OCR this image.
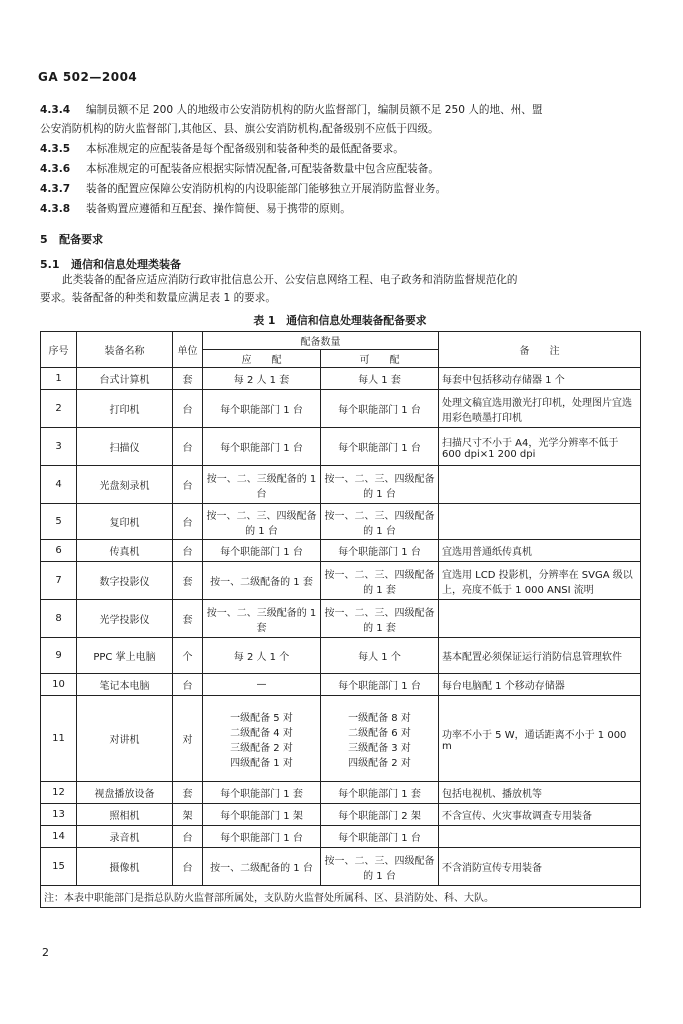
GA 502—2004
4.3.4 编制员额不足 200 人的地级市公安消防机构的防火监督部门，编制员额不足 250 人的地、州、盟
公安消防机构的防火监督部门,其他区、县、旗公安消防机构,配备级别不应低于四级。
4.3.5 本标准规定的应配装备是每个配备级别和装备种类的最低配备要求。
4.3.6 本标准规定的可配装备应根据实际情况配备,可配装备数量中包含应配装备。
4.3.7 装备的配置应保障公安消防机构的内设职能部门能够独立开展消防监督业务。
4.3.8 装备购置应遵循和互配套、操作简便、易于携带的原则。
5 配备要求
5.1 通信和信息处理类装备
此类装备的配备应适应消防行政审批信息公开、公安信息网络工程、电子政务和消防监督规范化的
要求。装备配备的种类和数量应满足表 1 的要求。
表 1　通信和信息处理装备配备要求
序号	装备名称	单位	配备数量		备　　注
			应　　配	可　　配	
1	台式计算机	套	每 2 人 1 套	每人 1 套	每套中包括移动存储器 1 个
2	打印机	台	每个职能部门 1 台	每个职能部门 1 台	处理文稿宜选用激光打印机，处理图片宜选用彩色喷墨打印机
3	扫描仪	台	每个职能部门 1 台	每个职能部门 1 台	扫描尺寸不小于 A4，光学分辨率不低于 600 dpi×1 200 dpi
4	光盘刻录机	台	按一、二、三级配备的 1 台	按一、二、三、四级配备的 1 台	
5	复印机	台	按一、二、三、四级配备的 1 台	按一、二、三、四级配备的 1 台	
6	传真机	台	每个职能部门 1 台	每个职能部门 1 台	宜选用普通纸传真机
7	数字投影仪	套	按一、二级配备的 1 套	按一、二、三、四级配备的 1 套	宜选用 LCD 投影机，分辨率在 SVGA 级以上，亮度不低于 1 000 ANSI 流明
8	光学投影仪	套	按一、二、三级配备的 1 套	按一、二、三、四级配备的 1 套	
9	PPC 掌上电脑	个	每 2 人 1 个	每人 1 个	基本配置必须保证运行消防信息管理软件
10	笔记本电脑	台	—	每个职能部门 1 台	每台电脑配 1 个移动存储器
11	对讲机	对	一级配备 5 对
二级配备 4 对
三级配备 2 对
四级配备 1 对	一级配备 8 对
二级配备 6 对
三级配备 3 对
四级配备 2 对	功率不小于 5 W，通话距离不小于 1 000 m
12	视盘播放设备	套	每个职能部门 1 套	每个职能部门 1 套	包括电视机、播放机等
13	照相机	架	每个职能部门 1 架	每个职能部门 2 架	不含宣传、火灾事故调查专用装备
14	录音机	台	每个职能部门 1 台	每个职能部门 1 台	
15	摄像机	台	按一、二级配备的 1 台	按一、二、三、四级配备的 1 台	不含消防宣传专用装备
注：本表中职能部门是指总队防火监督部所属处，支队防火监督处所属科、区、县消防处、科、大队。					
2
